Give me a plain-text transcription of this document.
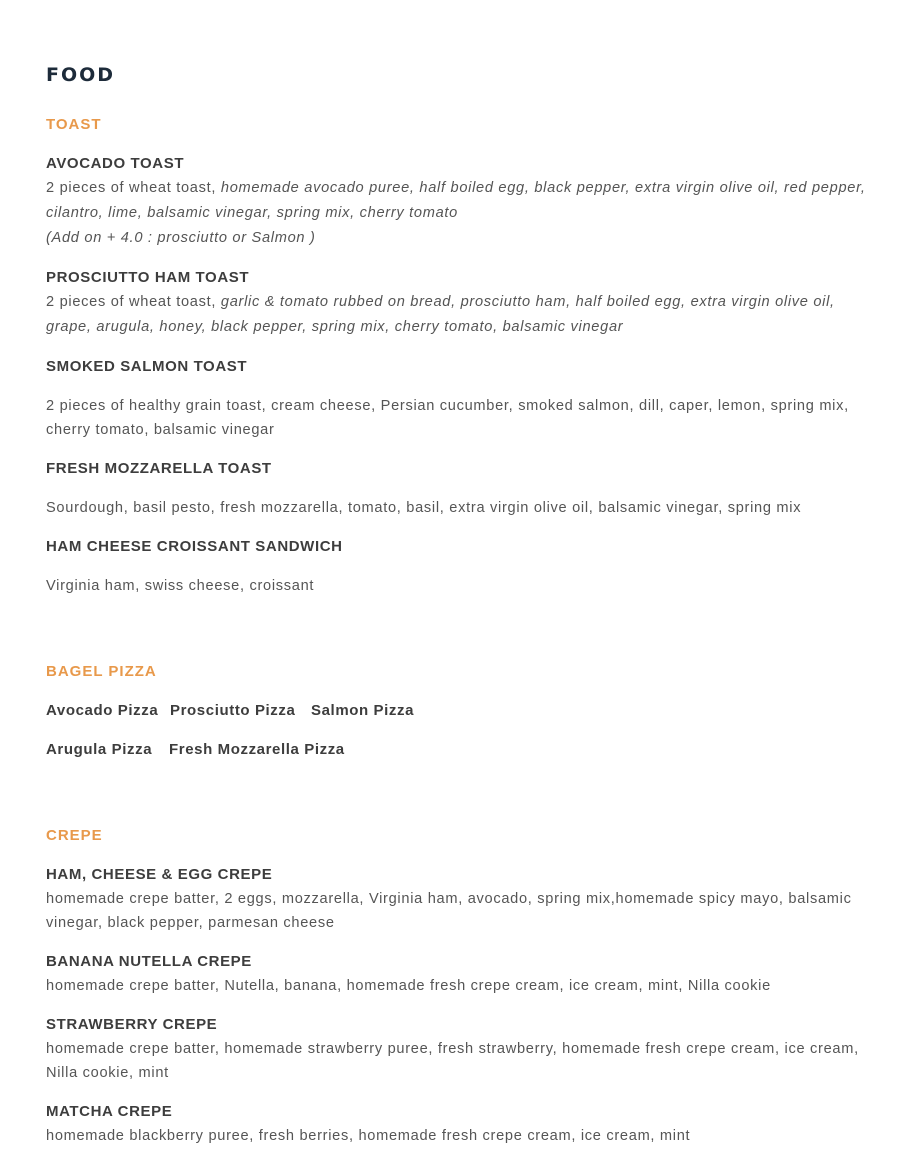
FOOD
TOAST
AVOCADO TOAST

2 pieces of wheat toast, homemade avocado puree, half boiled egg, black pepper, extra virgin olive oil, red pepper, cilantro, lime, balsamic vinegar, spring mix, cherry tomato
(Add on + 4.0 : prosciutto or Salmon )

PROSCIUTTO HAM TOAST

2 pieces of wheat toast, garlic & tomato rubbed on bread, prosciutto ham, half boiled egg, extra virgin olive oil, grape, arugula, honey, black pepper, spring mix, cherry tomato, balsamic vinegar

SMOKED SALMON TOAST

2 pieces of healthy grain toast, cream cheese, Persian cucumber, smoked salmon, dill, caper, lemon, spring mix, cherry tomato, balsamic vinegar

FRESH MOZZARELLA TOAST

Sourdough, basil pesto, fresh mozzarella, tomato, basil, extra virgin olive oil, balsamic vinegar, spring mix

HAM CHEESE CROISSANT SANDWICH

Virginia ham, swiss cheese, croissant

BAGEL PIZZA
Avocado Pizza Prosciutto Pizza Salmon Pizza
Arugula Pizza Fresh Mozzarella Pizza
CREPE
HAM, CHEESE & EGG CREPE

homemade crepe batter, 2 eggs, mozzarella, Virginia ham, avocado, spring mix,homemade spicy mayo, balsamic vinegar, black pepper, parmesan cheese

BANANA NUTELLA CREPE

homemade crepe batter, Nutella, banana, homemade fresh crepe cream, ice cream, mint, Nilla cookie

STRAWBERRY CREPE

homemade crepe batter, homemade strawberry puree, fresh strawberry, homemade fresh crepe cream, ice cream, Nilla cookie, mint

MATCHA CREPE

homemade blackberry puree, fresh berries, homemade fresh crepe cream, ice cream, mint
